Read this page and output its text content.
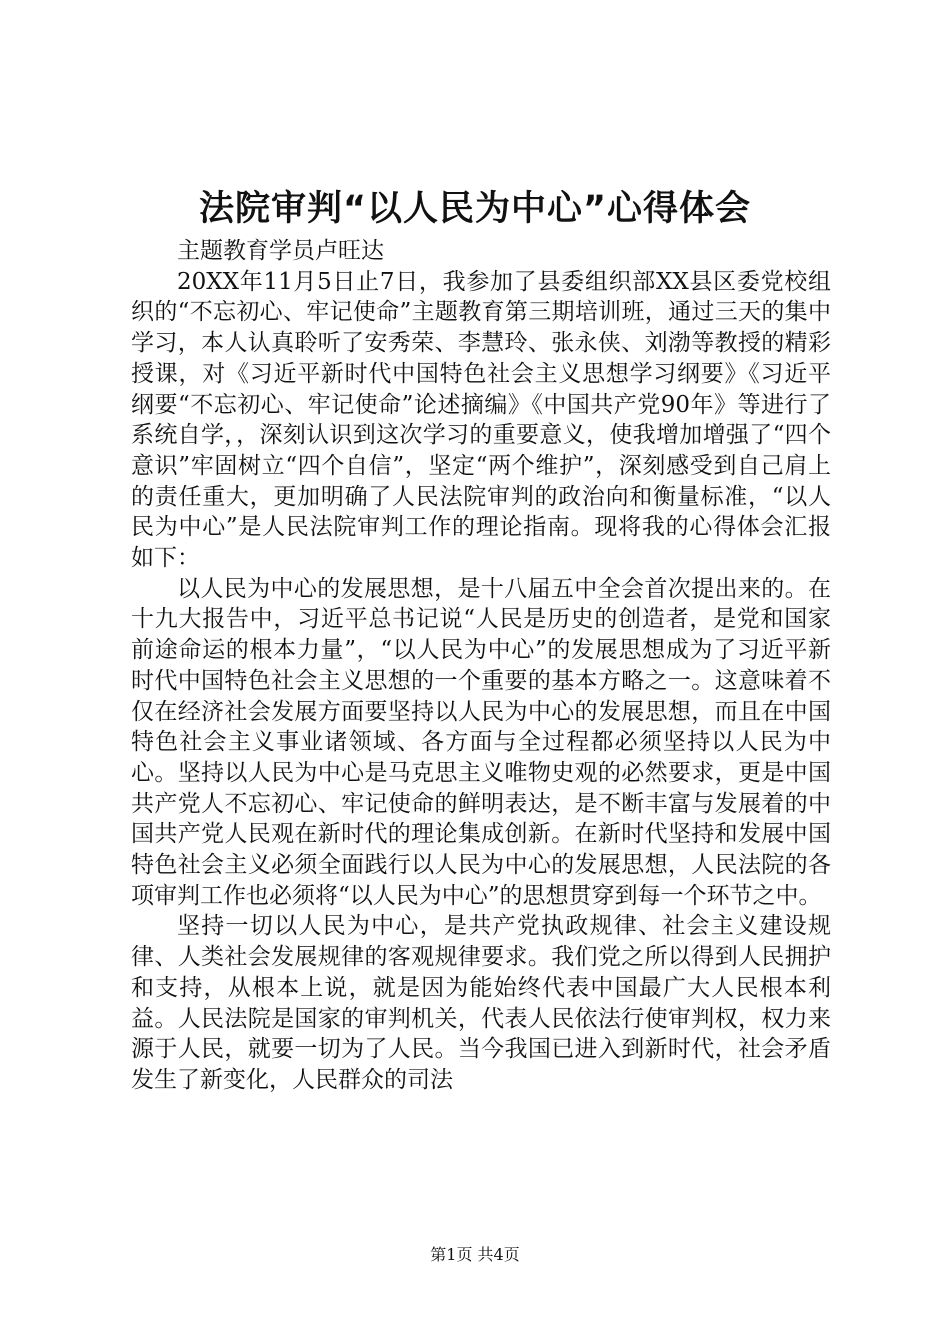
法院审判“以人民为中心”心得体会

主题教育学员卢旺达

20XX年11月5日止7日，我参加了县委组织部XX县区委党校组织的“不忘初心、牢记使命”主题教育第三期培训班，通过三天的集中学习，本人认真聆听了安秀荣、李慧玲、张永侠、刘渤等教授的精彩授课，对《习近平新时代中国特色社会主义思想学习纲要》《习近平纲要“不忘初心、牢记使命”论述摘编》《中国共产党90年》等进行了系统自学，，深刻认识到这次学习的重要意义，使我增加增强了“四个意识”牢固树立“四个自信”，坚定“两个维护”，深刻感受到自己肩上的责任重大，更加明确了人民法院审判的政治向和衡量标准，“以人民为中心”是人民法院审判工作的理论指南。现将我的心得体会汇报如下：

以人民为中心的发展思想，是十八届五中全会首次提出来的。在十九大报告中，习近平总书记说“人民是历史的创造者，是党和国家前途命运的根本力量”，“以人民为中心”的发展思想成为了习近平新时代中国特色社会主义思想的一个重要的基本方略之一。这意味着不仅在经济社会发展方面要坚持以人民为中心的发展思想，而且在中国特色社会主义事业诸领域、各方面与全过程都必须坚持以人民为中心。坚持以人民为中心是马克思主义唯物史观的必然要求，更是中国共产党人不忘初心、牢记使命的鲜明表达，是不断丰富与发展着的中国共产党人民观在新时代的理论集成创新。在新时代坚持和发展中国特色社会主义必须全面践行以人民为中心的发展思想，人民法院的各项审判工作也必须将“以人民为中心”的思想贯穿到每一个环节之中。

坚持一切以人民为中心，是共产党执政规律、社会主义建设规律、人类社会发展规律的客观规律要求。我们党之所以得到人民拥护和支持，从根本上说，就是因为能始终代表中国最广大人民根本利益。人民法院是国家的审判机关，代表人民依法行使审判权，权力来源于人民，就要一切为了人民。当今我国已进入到新时代，社会矛盾发生了新变化，人民群众的司法

第1页 共4页
